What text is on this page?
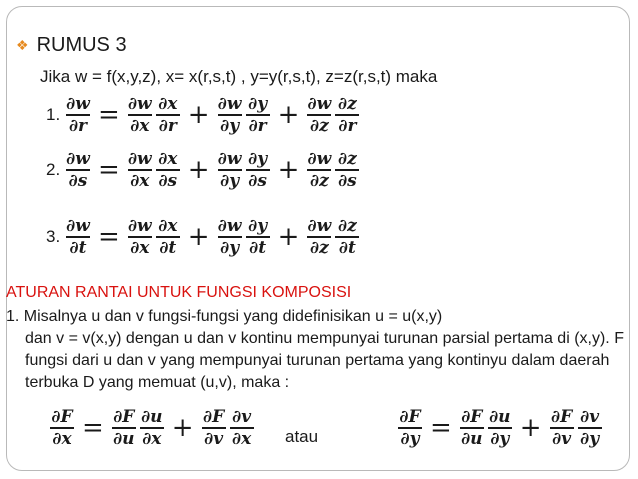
❖ RUMUS 3
Jika w = f(x,y,z), x= x(r,s,t) , y=y(r,s,t), z=z(r,s,t) maka
1. $\frac{\partial w}{\partial r} = \frac{\partial w}{\partial x} \frac{\partial x}{\partial r} + \frac{\partial w}{\partial y} \frac{\partial y}{\partial r} + \frac{\partial w}{\partial z} \frac{\partial z}{\partial r}$
2. $\frac{\partial w}{\partial s} = \frac{\partial w}{\partial x} \frac{\partial x}{\partial s} + \frac{\partial w}{\partial y} \frac{\partial y}{\partial s} + \frac{\partial w}{\partial z} \frac{\partial z}{\partial s}$
3. $\frac{\partial w}{\partial t} = \frac{\partial w}{\partial x} \frac{\partial x}{\partial t} + \frac{\partial w}{\partial y} \frac{\partial y}{\partial t} + \frac{\partial w}{\partial z} \frac{\partial z}{\partial t}$
ATURAN RANTAI UNTUK FUNGSI KOMPOSISI
1. Misalnya u dan v fungsi-fungsi yang didefinisikan u = u(x,y)
dan v = v(x,y) dengan u dan v kontinu mempunyai turunan parsial pertama di (x,y). F fungsi dari u dan v yang mempunyai turunan pertama yang kontinyu dalam daerah terbuka D yang memuat (u,v), maka :
$\frac{\partial F}{\partial x} = \frac{\partial F}{\partial u} \frac{\partial u}{\partial x} + \frac{\partial F}{\partial v} \frac{\partial v}{\partial x}$ atau	$\frac{\partial F}{\partial y} = \frac{\partial F}{\partial u} \frac{\partial u}{\partial y} + \frac{\partial F}{\partial v} \frac{\partial v}{\partial y}$
